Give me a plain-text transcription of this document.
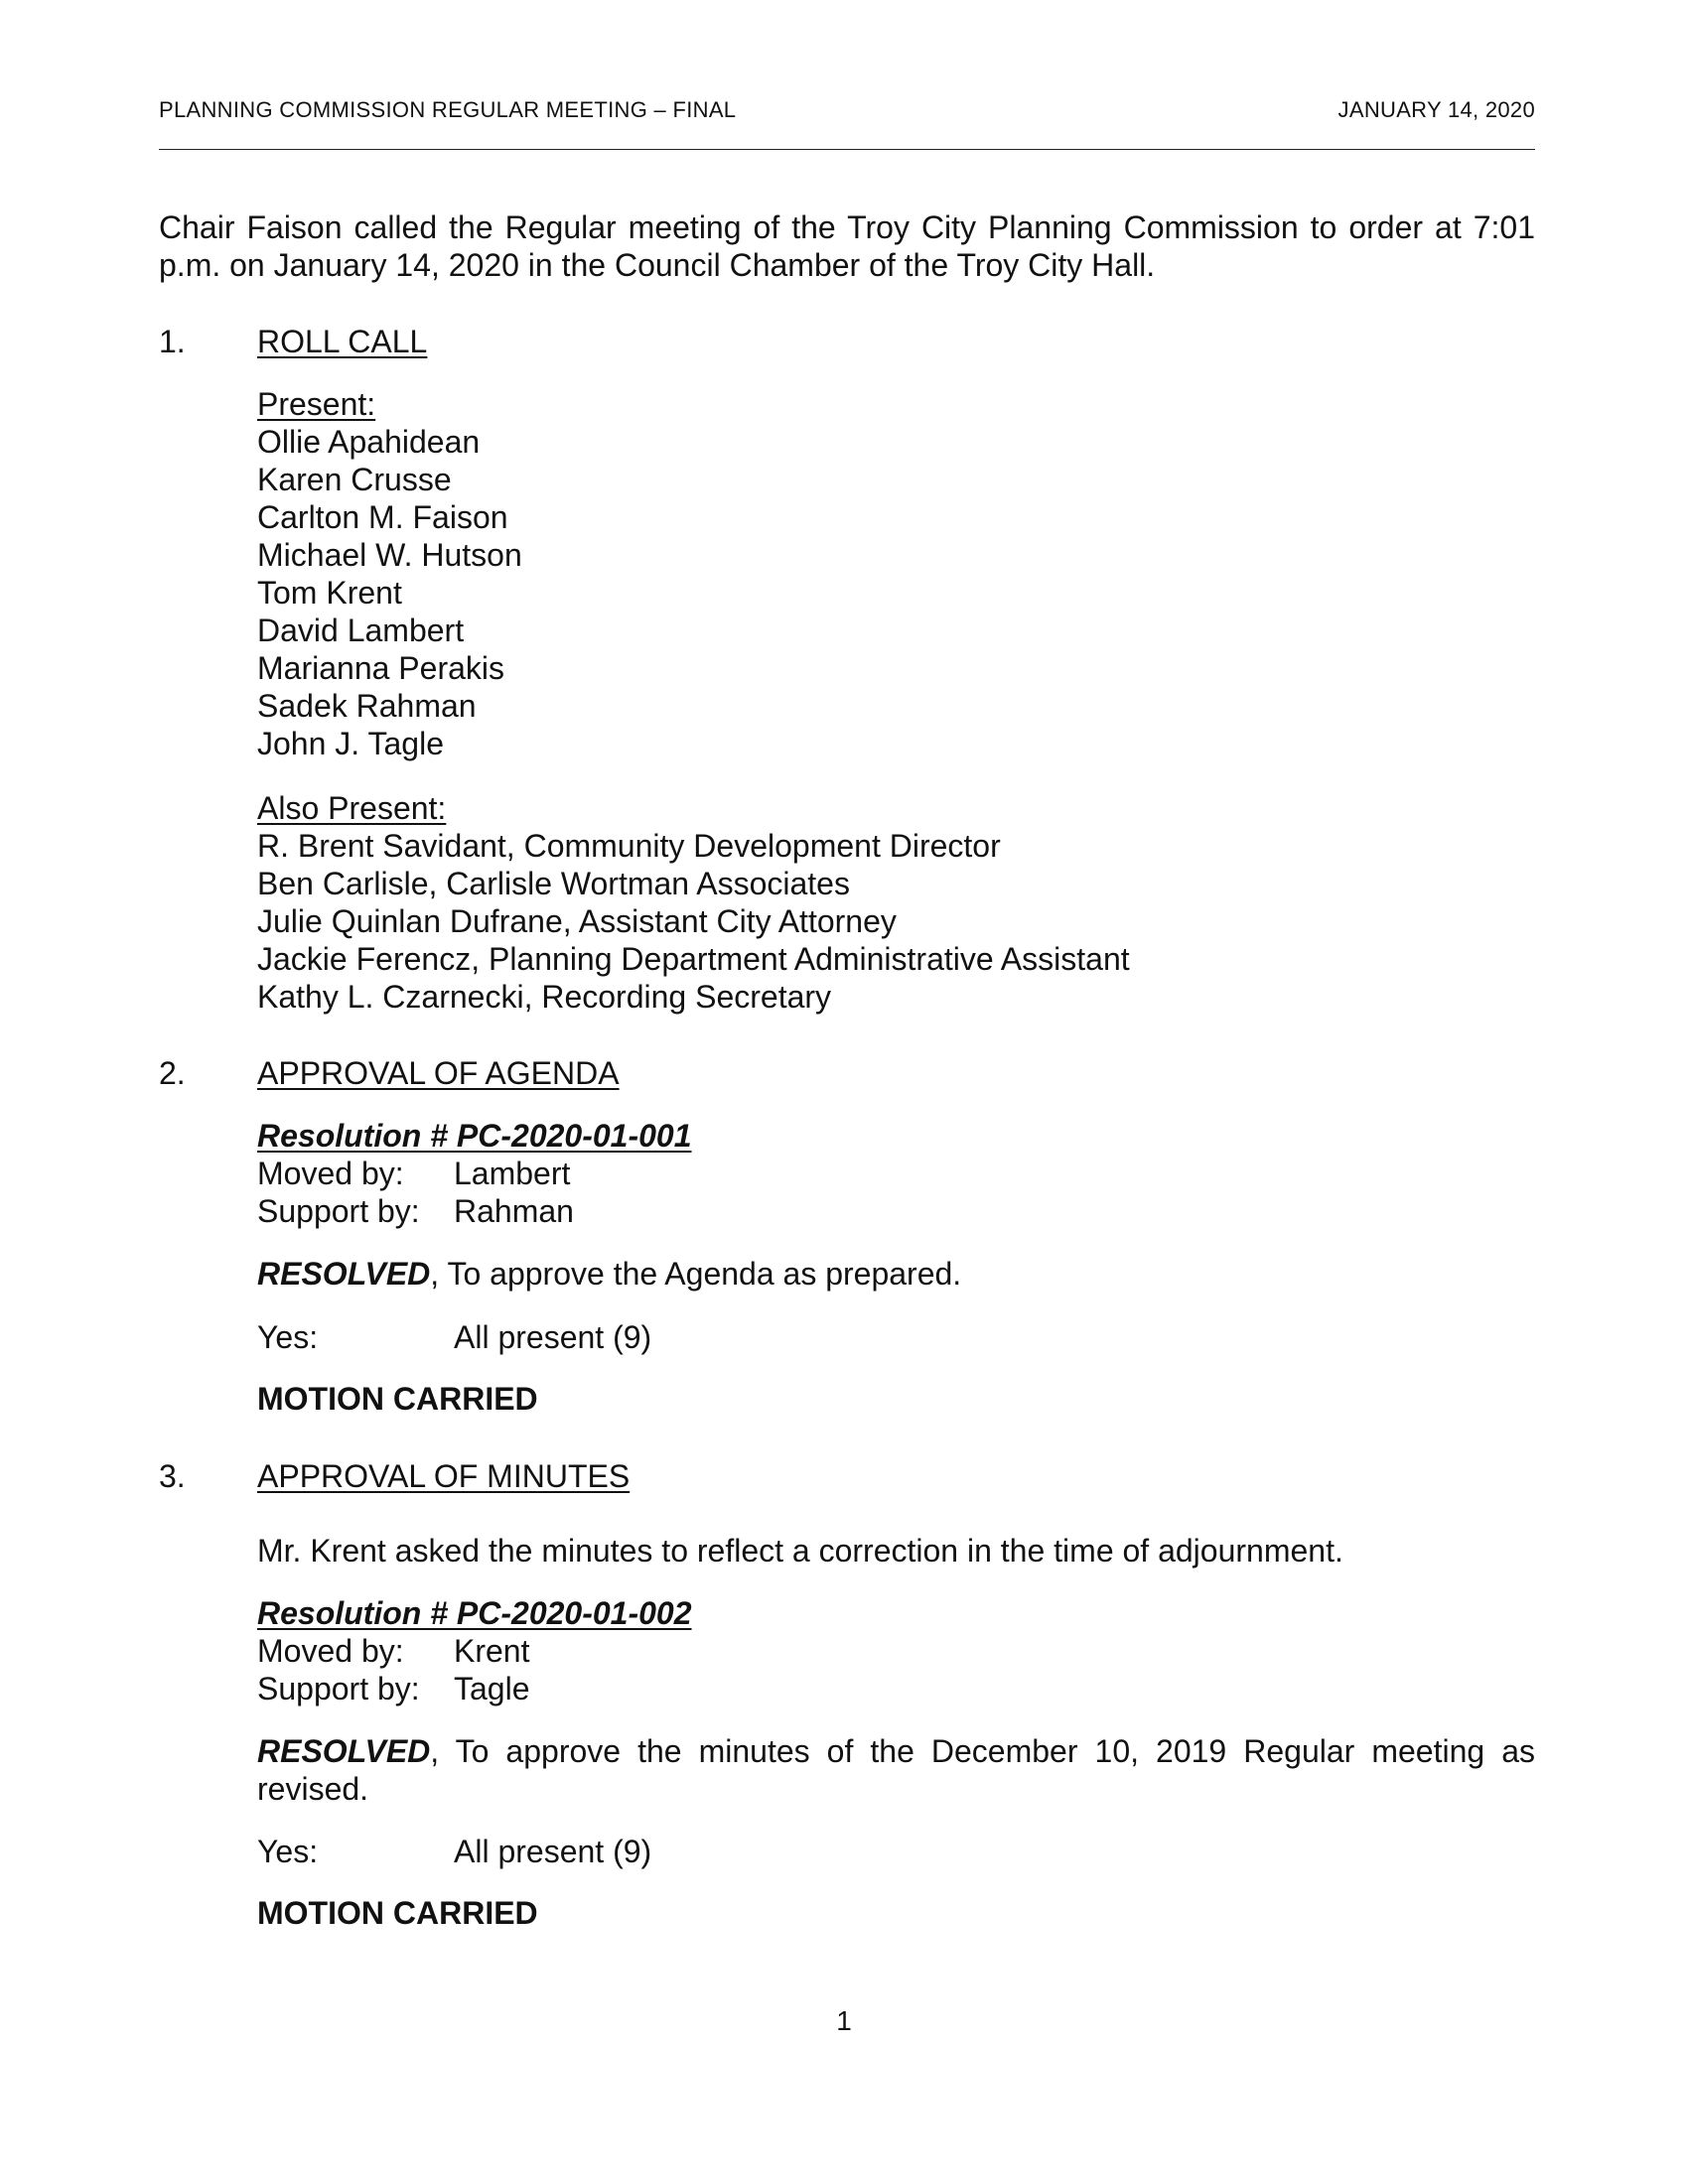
PLANNING COMMISSION REGULAR MEETING – FINAL	JANUARY 14, 2020

Chair Faison called the Regular meeting of the Troy City Planning Commission to order at 7:01 p.m. on January 14, 2020 in the Council Chamber of the Troy City Hall.

1. ROLL CALL

Present:

Ollie Apahidean
Karen Crusse
Carlton M. Faison
Michael W. Hutson
Tom Krent
David Lambert
Marianna Perakis
Sadek Rahman
John J. Tagle

Also Present:

R. Brent Savidant, Community Development Director
Ben Carlisle, Carlisle Wortman Associates
Julie Quinlan Dufrane, Assistant City Attorney
Jackie Ferencz, Planning Department Administrative Assistant
Kathy L. Czarnecki, Recording Secretary

2. APPROVAL OF AGENDA

Resolution # PC-2020-01-001

Moved by: Lambert

Support by: Rahman

RESOLVED, To approve the Agenda as prepared.

Yes:	All present (9)

MOTION CARRIED

3. APPROVAL OF MINUTES

Mr. Krent asked the minutes to reflect a correction in the time of adjournment.

Resolution # PC-2020-01-002

Moved by: Krent

Support by: Tagle

RESOLVED, To approve the minutes of the December 10, 2019 Regular meeting as revised.

Yes:	All present (9)

MOTION CARRIED

1
